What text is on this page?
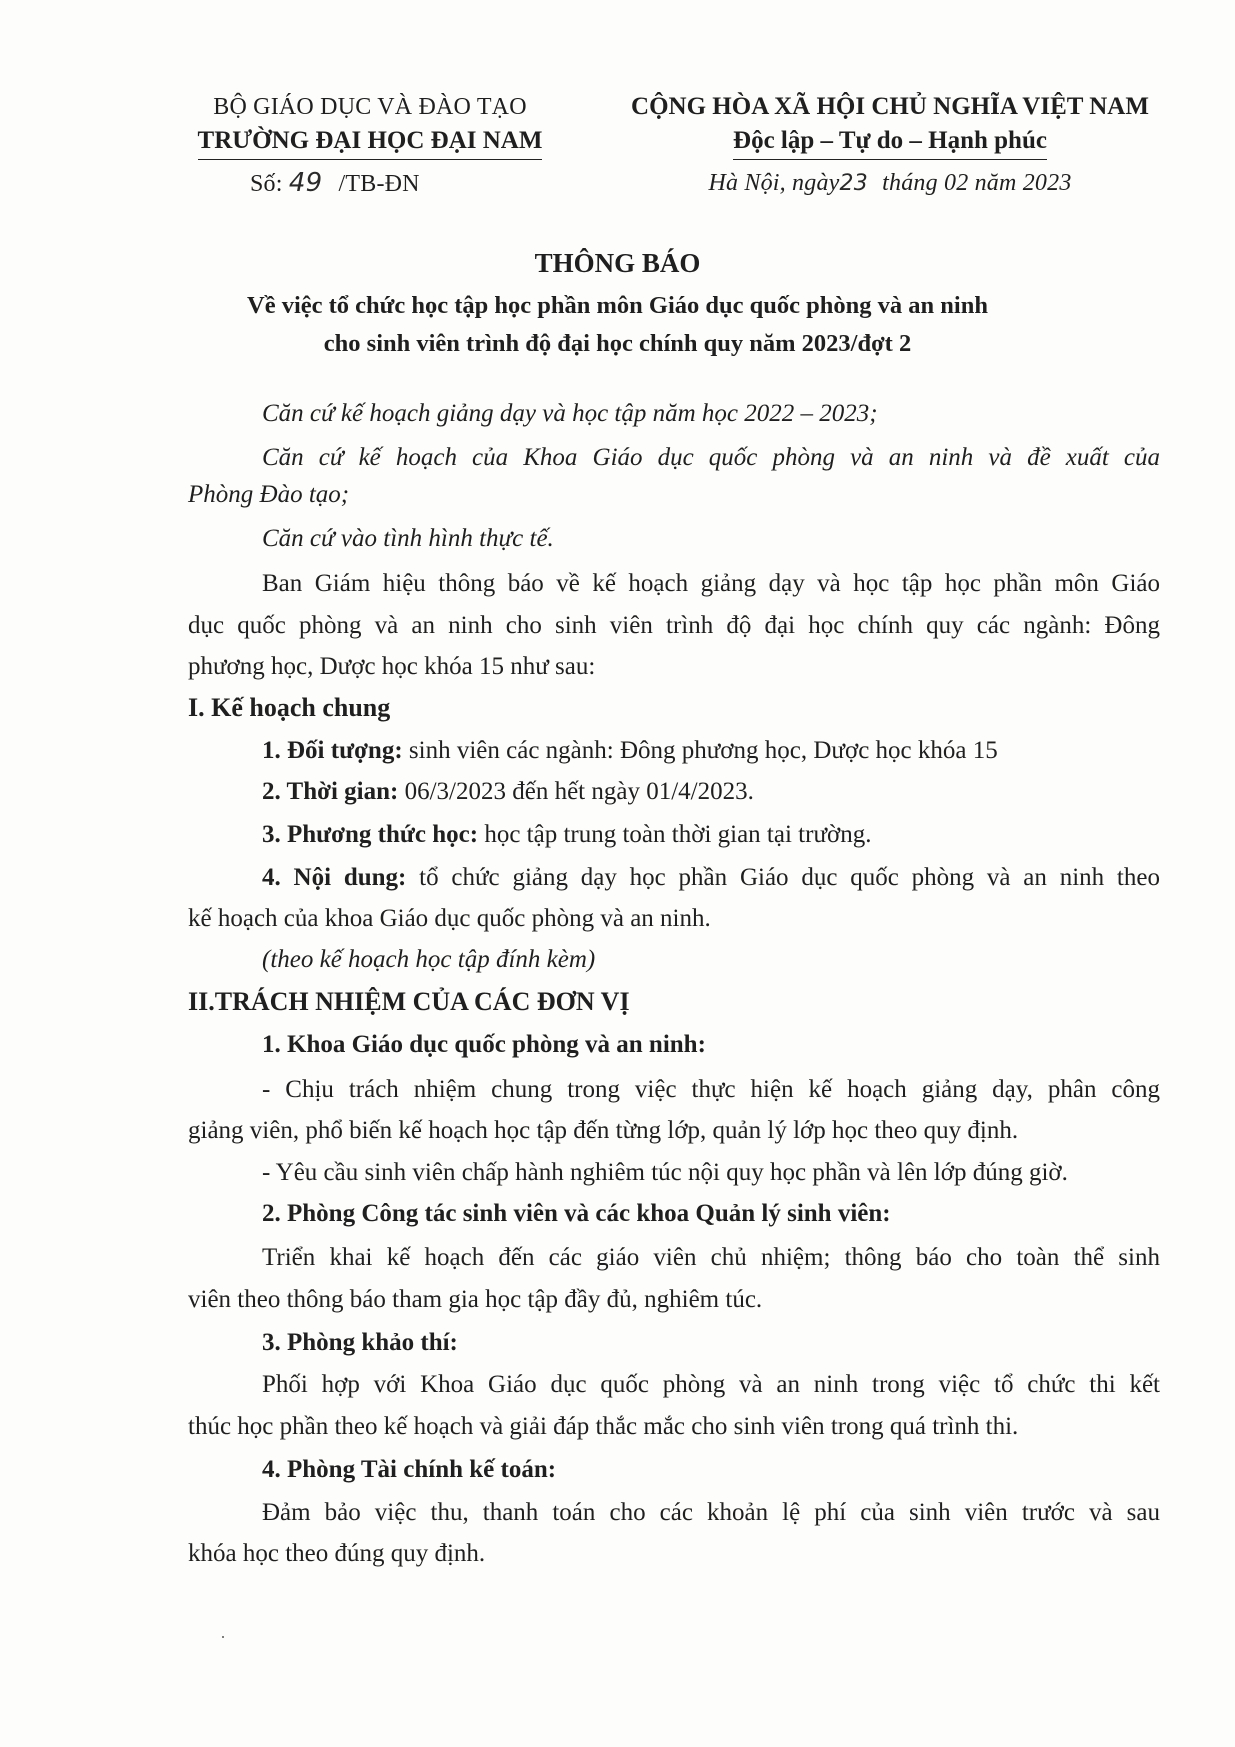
BỘ GIÁO DỤC VÀ ĐÀO TẠO
TRƯỜNG ĐẠI HỌC ĐẠI NAM
Số: 49 /TB-ĐN
CỘNG HÒA XÃ HỘI CHỦ NGHĨA VIỆT NAM
Độc lập – Tự do – Hạnh phúc
Hà Nội, ngày23 tháng 02 năm 2023
THÔNG BÁO
Về việc tổ chức học tập học phần môn Giáo dục quốc phòng và an ninh
cho sinh viên trình độ đại học chính quy năm 2023/đợt 2
Căn cứ kế hoạch giảng dạy và học tập năm học 2022 – 2023;
Căn cứ kế hoạch của Khoa Giáo dục quốc phòng và an ninh và đề xuất của
Phòng Đào tạo;
Căn cứ vào tình hình thực tế.
Ban Giám hiệu thông báo về kế hoạch giảng dạy và học tập học phần môn Giáo
dục quốc phòng và an ninh cho sinh viên trình độ đại học chính quy các ngành: Đông
phương học, Dược học khóa 15 như sau:
I. Kế hoạch chung
1. Đối tượng: sinh viên các ngành: Đông phương học, Dược học khóa 15
2. Thời gian: 06/3/2023 đến hết ngày 01/4/2023.
3. Phương thức học: học tập trung toàn thời gian tại trường.
4. Nội dung: tổ chức giảng dạy học phần Giáo dục quốc phòng và an ninh theo
kế hoạch của khoa Giáo dục quốc phòng và an ninh.
(theo kế hoạch học tập đính kèm)
II.TRÁCH NHIỆM CỦA CÁC ĐƠN VỊ
1. Khoa Giáo dục quốc phòng và an ninh:
- Chịu trách nhiệm chung trong việc thực hiện kế hoạch giảng dạy, phân công
giảng viên, phổ biến kế hoạch học tập đến từng lớp, quản lý lớp học theo quy định.
- Yêu cầu sinh viên chấp hành nghiêm túc nội quy học phần và lên lớp đúng giờ.
2. Phòng Công tác sinh viên và các khoa Quản lý sinh viên:
Triển khai kế hoạch đến các giáo viên chủ nhiệm; thông báo cho toàn thể sinh
viên theo thông báo tham gia học tập đầy đủ, nghiêm túc.
3. Phòng khảo thí:
Phối hợp với Khoa Giáo dục quốc phòng và an ninh trong việc tổ chức thi kết
thúc học phần theo kế hoạch và giải đáp thắc mắc cho sinh viên trong quá trình thi.
4. Phòng Tài chính kế toán:
Đảm bảo việc thu, thanh toán cho các khoản lệ phí của sinh viên trước và sau
khóa học theo đúng quy định.
